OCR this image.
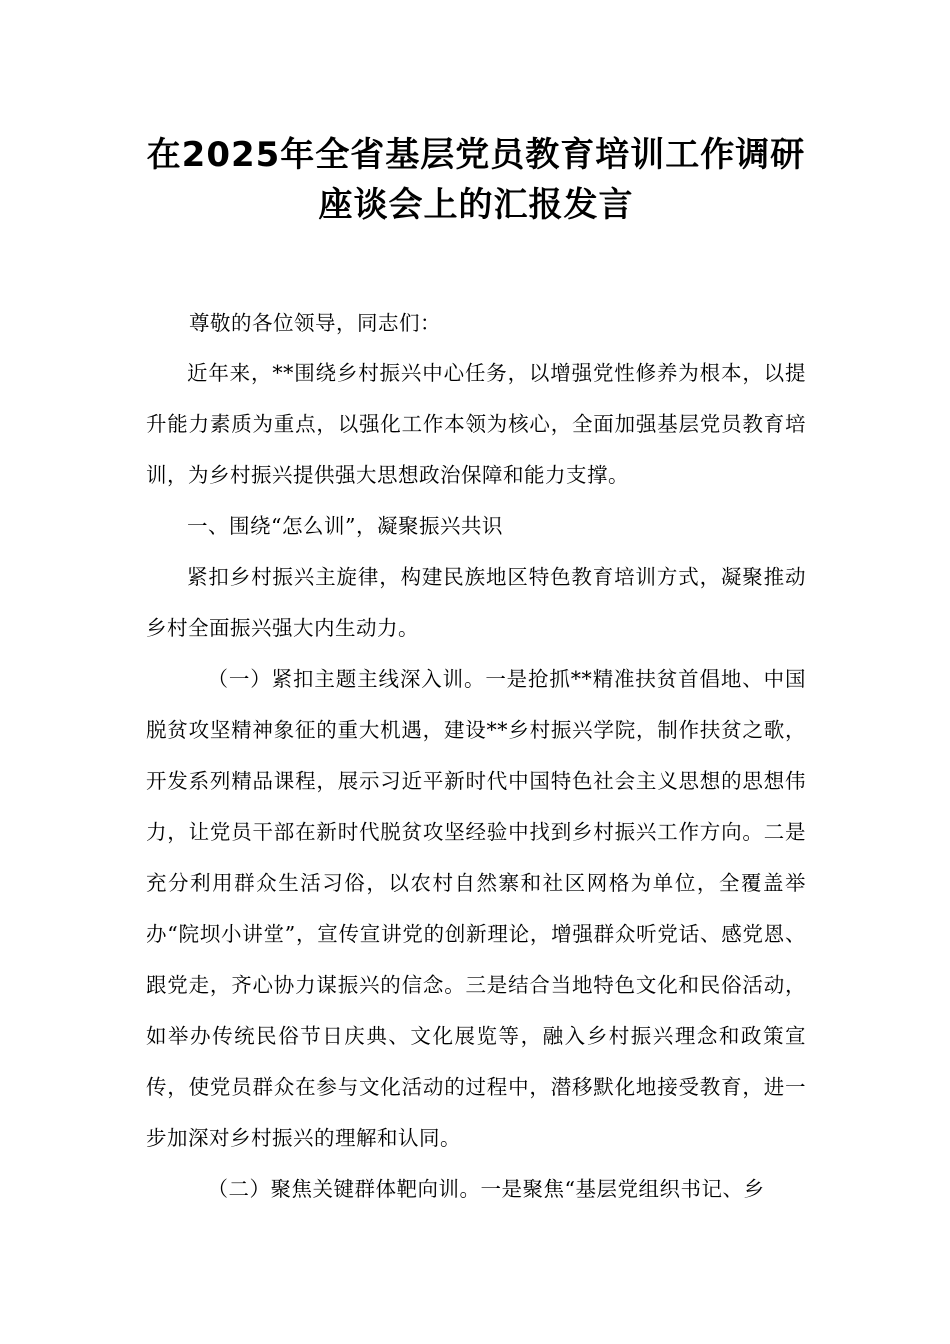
在2025年全省基层党员教育培训工作调研
座谈会上的汇报发言

尊敬的各位领导，同志们：

近年来，**围绕乡村振兴中心任务，以增强党性修养为根本，以提升能力素质为重点，以强化工作本领为核心，全面加强基层党员教育培训，为乡村振兴提供强大思想政治保障和能力支撑。

一、围绕“怎么训”，凝聚振兴共识

紧扣乡村振兴主旋律，构建民族地区特色教育培训方式，凝聚推动乡村全面振兴强大内生动力。

（一）紧扣主题主线深入训。一是抢抓**精准扶贫首倡地、中国脱贫攻坚精神象征的重大机遇，建设**乡村振兴学院，制作扶贫之歌，开发系列精品课程，展示习近平新时代中国特色社会主义思想的思想伟力，让党员干部在新时代脱贫攻坚经验中找到乡村振兴工作方向。二是充分利用群众生活习俗，以农村自然寨和社区网格为单位，全覆盖举办“院坝小讲堂”，宣传宣讲党的创新理论，增强群众听党话、感党恩、跟党走，齐心协力谋振兴的信念。三是结合当地特色文化和民俗活动，如举办传统民俗节日庆典、文化展览等，融入乡村振兴理念和政策宣传，使党员群众在参与文化活动的过程中，潜移默化地接受教育，进一步加深对乡村振兴的理解和认同。

（二）聚焦关键群体靶向训。一是聚焦“基层党组织书记、乡
